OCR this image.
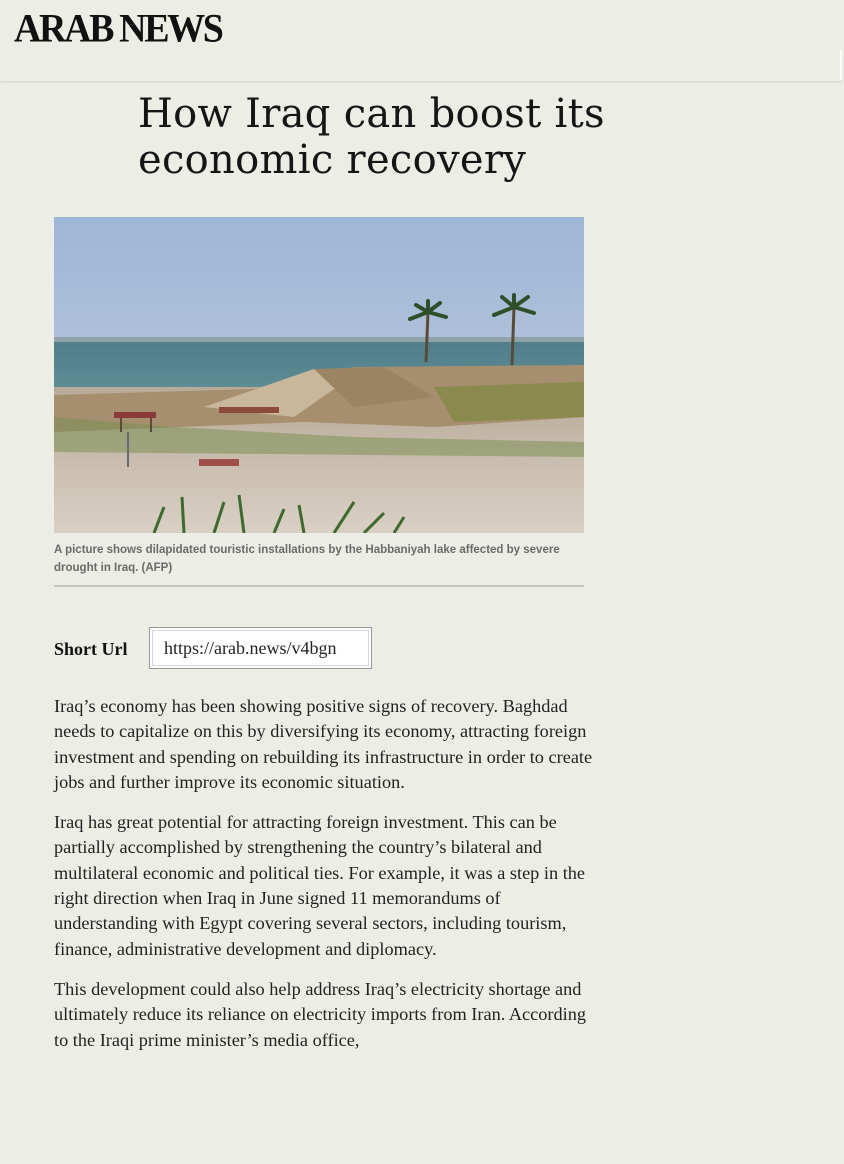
ARAB NEWS
How Iraq can boost its economic recovery

A picture shows dilapidated touristic installations by the Habbaniyah lake affected by severe drought in Iraq. (AFP)

Short Url
https://arab.news/v4bgn

Iraq’s economy has been showing positive signs of recovery. Baghdad needs to capitalize on this by diversifying its economy, attracting foreign investment and spending on rebuilding its infrastructure in order to create jobs and further improve its economic situation.

Iraq has great potential for attracting foreign investment. This can be partially accomplished by strengthening the country’s bilateral and multilateral economic and political ties. For example, it was a step in the right direction when Iraq in June signed 11 memorandums of understanding with Egypt covering several sectors, including tourism, finance, administrative development and diplomacy.

This development could also help address Iraq’s electricity shortage and ultimately reduce its reliance on electricity imports from Iran. According to the Iraqi prime minister’s media office,
